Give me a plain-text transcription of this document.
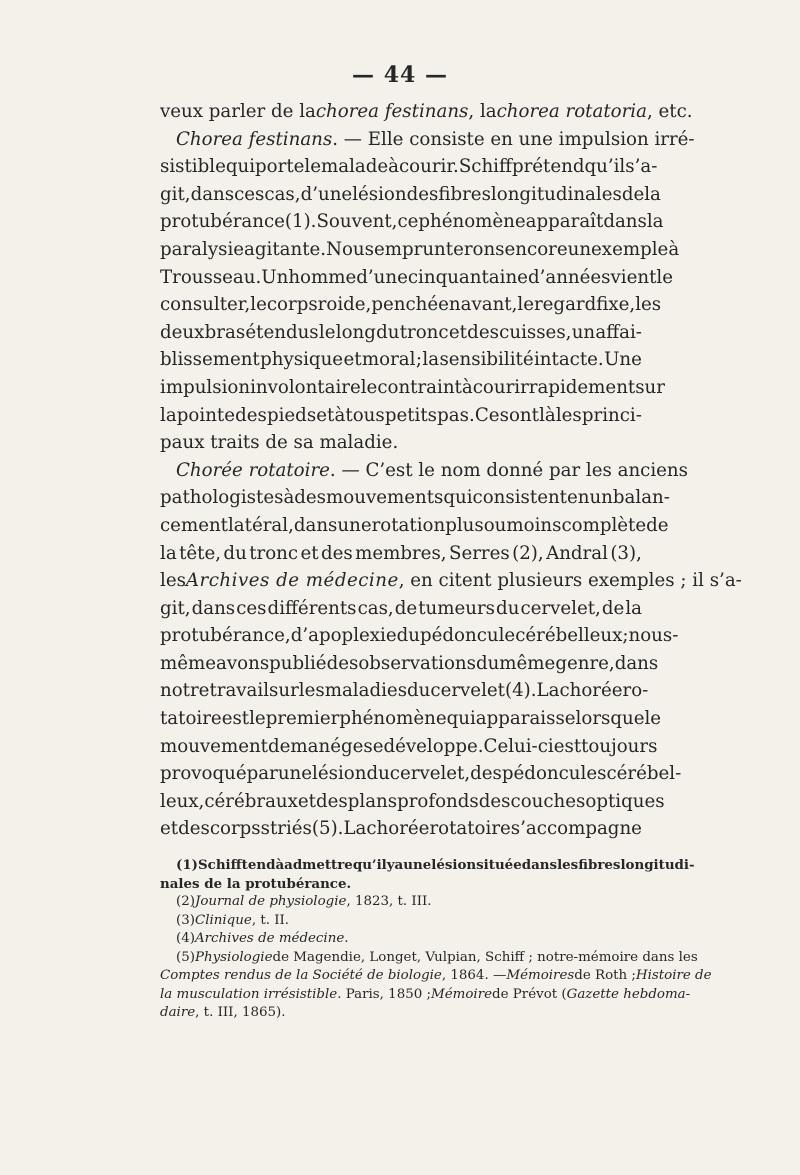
— 44 —
veux parler de lachorea festinans, lachorea rotatoria, etc.
Chorea festinans. — Elle consiste en une impulsion irré-
sistible qui porte le malade à courir. Schiff prétend qu’il s’a-
git, dans ces cas, d’une lésion des fibres longitudinales de la
protubérance (1). Souvent, ce phénomène apparaît dans la
paralysie agitante. Nous emprunterons encore un exemple à
Trousseau. Un homme d’une cinquantaine d’années vient le
consulter, le corps roide, penché en avant, le regard fixe, les
deux bras étendus le long du tronc et des cuisses, un affai-
blissement physique et moral ; la sensibilité intacte. Une
impulsion involontaire le contraint à courir rapidement sur
la pointe des pieds et à tous petits pas. Ce sont là les princi-
paux traits de sa maladie.
Chorée rotatoire. — C’est le nom donné par les anciens
pathologistes à des mouvements qui consistent en un balan-
cement latéral, dans une rotation plus ou moins complète de
la tête, du tronc et des membres, Serres (2), Andral (3),
lesArchives de médecine, en citent plusieurs exemples ; il s’a-
git, dans ces différents cas, de tumeurs du cervelet, de la
protubérance, d’apoplexie du pédoncule cérébelleux ; nous-
même avons publié des observations du même genre, dans
notre travail sur les maladies du cervelet (4). La chorée ro-
tatoire est le premier phénomène qui apparaisse lorsque le
mouvement de manége se développe. Celui-ci est toujours
provoqué par une lésion du cervelet, des pédoncules cérébel-
leux, cérébraux et des plans profonds des couches optiques
et des corps striés (5). La chorée rotatoire s’accompagne
(1) Schiff tend à admettre qu’il y a une lésion située dans les fibres longitudi-
nales de la protubérance.
(2)Journal de physiologie, 1823, t. III.
(3)Clinique, t. II.
(4)Archives de médecine.
(5)Physiologiede Magendie, Longet, Vulpian, Schiff ; notre-mémoire dans les
Comptes rendus de la Société de biologie, 1864. —Mémoiresde Roth ;Histoire de
la musculation irrésistible. Paris, 1850 ;Mémoirede Prévot (Gazette hebdoma-
daire, t. III, 1865).
